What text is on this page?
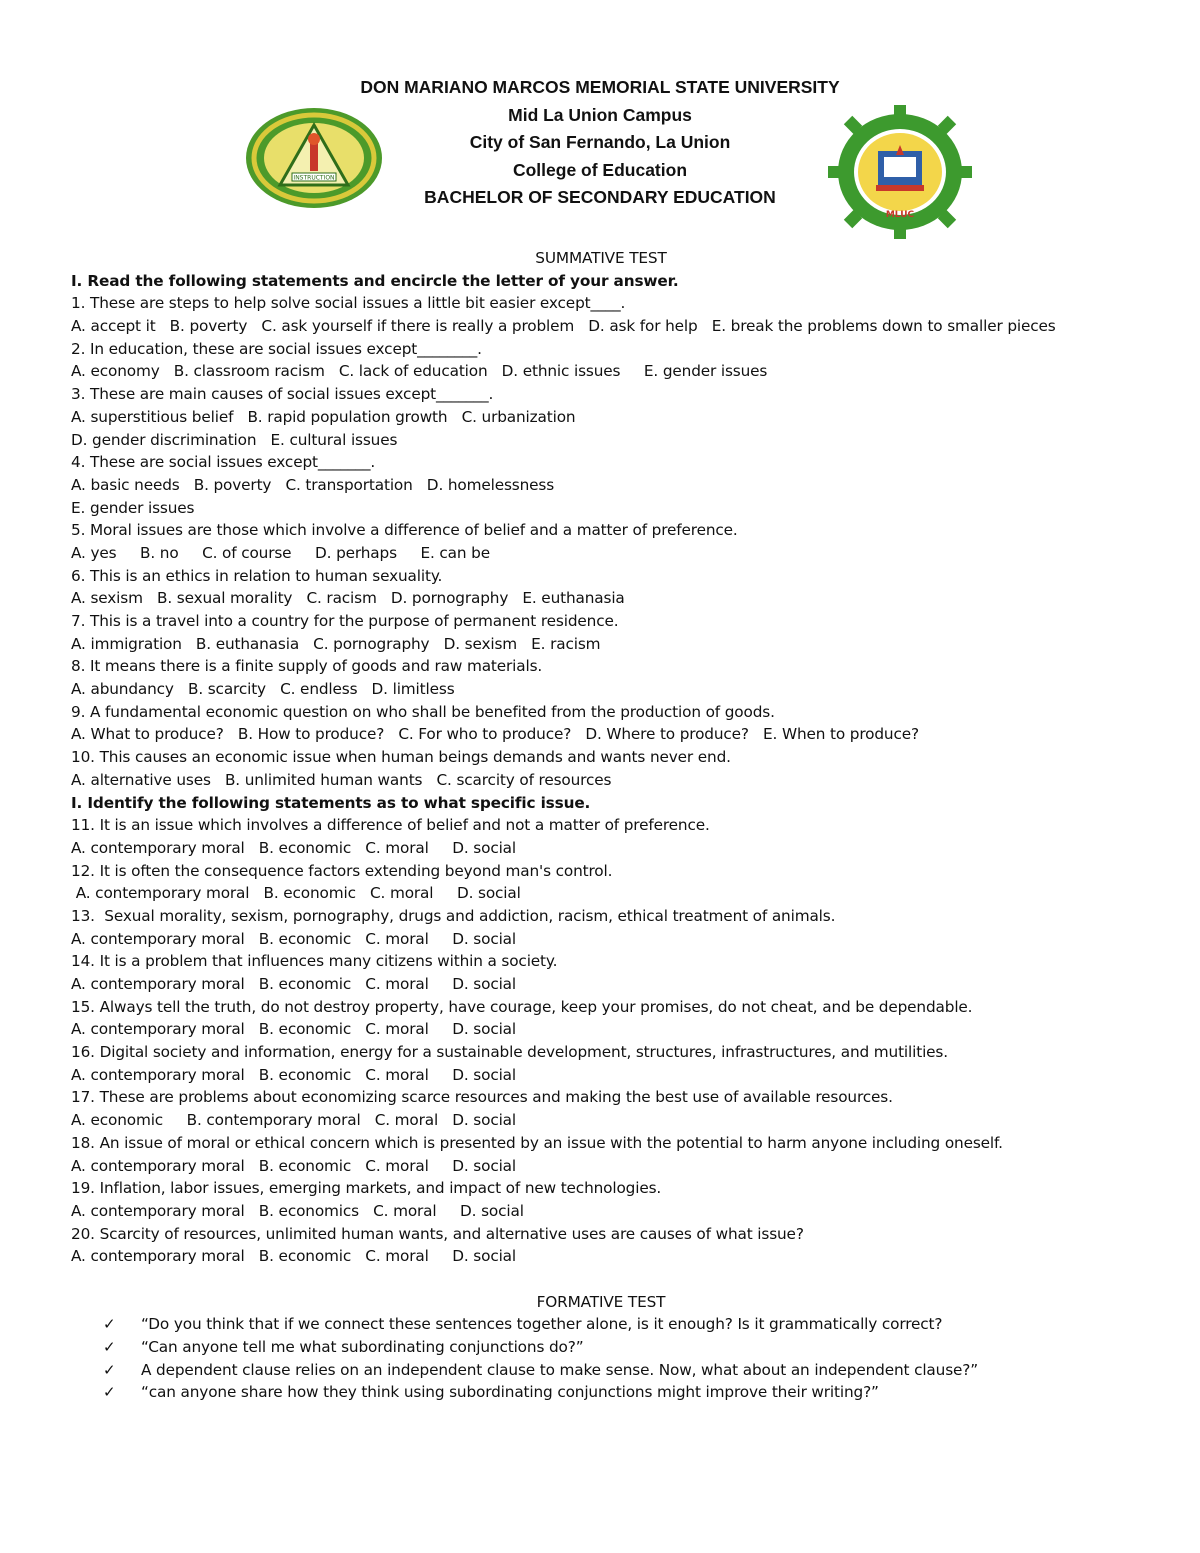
INSTRUCTION
MLUC
DON MARIANO MARCOS MEMORIAL STATE UNIVERSITY
Mid La Union Campus
City of San Fernando, La Union
College of Education
BACHELOR OF SECONDARY EDUCATION
SUMMATIVE TEST
I. Read the following statements and encircle the letter of your answer.
1. These are steps to help solve social issues a little bit easier except____.
A. accept it   B. poverty   C. ask yourself if there is really a problem   D. ask for help   E. break the problems down to smaller pieces
2. In education, these are social issues except________.
A. economy   B. classroom racism   C. lack of education   D. ethnic issues     E. gender issues
3. These are main causes of social issues except_______.
A. superstitious belief   B. rapid population growth   C. urbanization
D. gender discrimination   E. cultural issues
4. These are social issues except_______.
A. basic needs   B. poverty   C. transportation   D. homelessness
E. gender issues
5. Moral issues are those which involve a difference of belief and a matter of preference.
A. yes     B. no     C. of course     D. perhaps     E. can be
6. This is an ethics in relation to human sexuality.
A. sexism   B. sexual morality   C. racism   D. pornography   E. euthanasia
7. This is a travel into a country for the purpose of permanent residence.
A. immigration   B. euthanasia   C. pornography   D. sexism   E. racism
8. It means there is a finite supply of goods and raw materials.
A. abundancy   B. scarcity   C. endless   D. limitless
9. A fundamental economic question on who shall be benefited from the production of goods.
A. What to produce?   B. How to produce?   C. For who to produce?   D. Where to produce?   E. When to produce?
10. This causes an economic issue when human beings demands and wants never end.
A. alternative uses   B. unlimited human wants   C. scarcity of resources
I. Identify the following statements as to what specific issue.
11. It is an issue which involves a difference of belief and not a matter of preference.
A. contemporary moral   B. economic   C. moral     D. social
12. It is often the consequence factors extending beyond man's control.
A. contemporary moral   B. economic   C. moral     D. social
13.  Sexual morality, sexism, pornography, drugs and addiction, racism, ethical treatment of animals.
A. contemporary moral   B. economic   C. moral     D. social
14. It is a problem that influences many citizens within a society.
A. contemporary moral   B. economic   C. moral     D. social
15. Always tell the truth, do not destroy property, have courage, keep your promises, do not cheat, and be dependable.
A. contemporary moral   B. economic   C. moral     D. social
16. Digital society and information, energy for a sustainable development, structures, infrastructures, and mutilities.
A. contemporary moral   B. economic   C. moral     D. social
17. These are problems about economizing scarce resources and making the best use of available resources.
A. economic     B. contemporary moral   C. moral   D. social
18. An issue of moral or ethical concern which is presented by an issue with the potential to harm anyone including oneself.
A. contemporary moral   B. economic   C. moral     D. social
19. Inflation, labor issues, emerging markets, and impact of new technologies.
A. contemporary moral   B. economics   C. moral     D. social
20. Scarcity of resources, unlimited human wants, and alternative uses are causes of what issue?
A. contemporary moral   B. economic   C. moral     D. social
FORMATIVE TEST
✓ “Do you think that if we connect these sentences together alone, is it enough? Is it grammatically correct?
✓ “Can anyone tell me what subordinating conjunctions do?”
✓ A dependent clause relies on an independent clause to make sense. Now, what about an independent clause?”
✓ “can anyone share how they think using subordinating conjunctions might improve their writing?”
